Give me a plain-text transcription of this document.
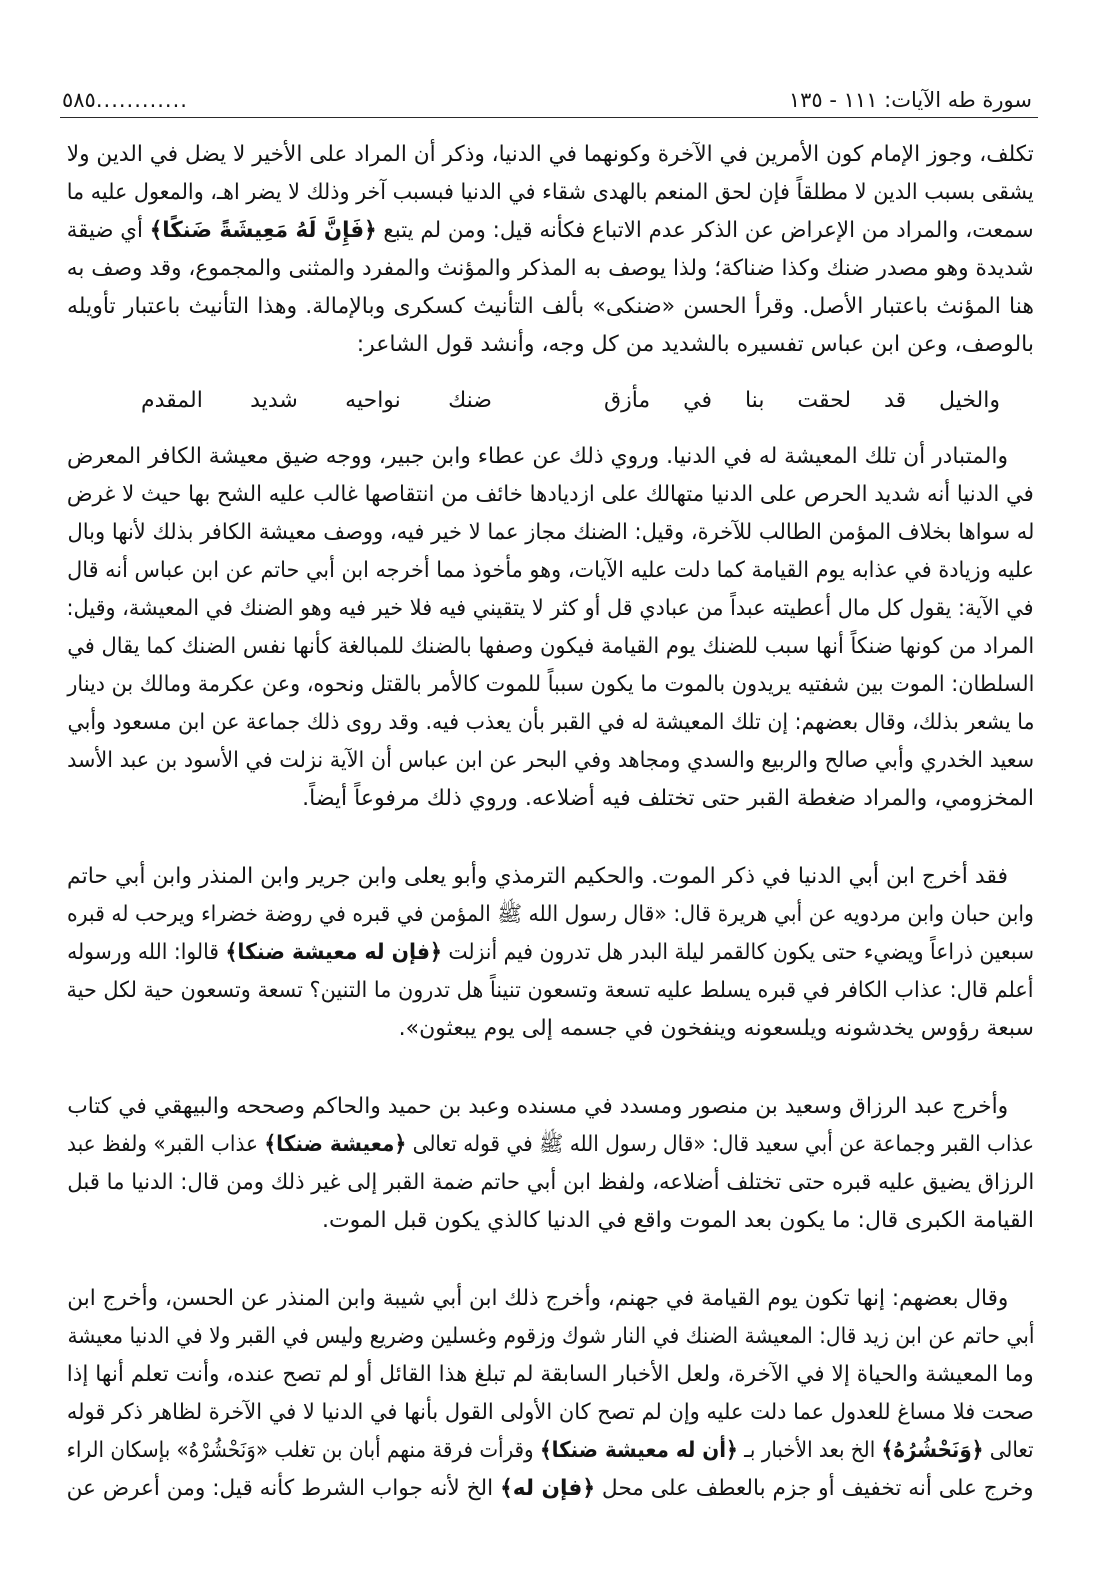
سورة طه الآيات: ١١١ - ١٣٥
............
٥٨٥
تكلف، وجوز الإمام كون الأمرين في الآخرة وكونهما في الدنيا، وذكر أن المراد على الأخير لا يضل في الدين ولا
يشقى بسبب الدين لا مطلقاً فإن لحق المنعم بالهدى شقاء في الدنيا فبسبب آخر وذلك لا يضر اهـ، والمعول عليه ما
سمعت، والمراد من الإعراض عن الذكر عدم الاتباع فكأنه قيل: ومن لم يتبع ﴿فَإِنَّ لَهُ مَعِيشَةً ضَنكًا﴾ أي ضيقة
شديدة وهو مصدر ضنك وكذا ضناكة؛ ولذا يوصف به المذكر والمؤنث والمفرد والمثنى والمجموع، وقد وصف به
هنا المؤنث باعتبار الأصل. وقرأ الحسن «ضنكى» بألف التأنيث كسكرى وبالإمالة. وهذا التأنيث باعتبار تأويله
بالوصف، وعن ابن عباس تفسيره بالشديد من كل وجه، وأنشد قول الشاعر:
والخيل قد لحقت بنا في مأزق
ضنك نواحيه شديد المقدم
والمتبادر أن تلك المعيشة له في الدنيا. وروي ذلك عن عطاء وابن جبير، ووجه ضيق معيشة الكافر المعرض
في الدنيا أنه شديد الحرص على الدنيا متهالك على ازديادها خائف من انتقاصها غالب عليه الشح بها حيث لا غرض
له سواها بخلاف المؤمن الطالب للآخرة، وقيل: الضنك مجاز عما لا خير فيه، ووصف معيشة الكافر بذلك لأنها وبال
عليه وزيادة في عذابه يوم القيامة كما دلت عليه الآيات، وهو مأخوذ مما أخرجه ابن أبي حاتم عن ابن عباس أنه قال
في الآية: يقول كل مال أعطيته عبداً من عبادي قل أو كثر لا يتقيني فيه فلا خير فيه وهو الضنك في المعيشة، وقيل:
المراد من كونها ضنكاً أنها سبب للضنك يوم القيامة فيكون وصفها بالضنك للمبالغة كأنها نفس الضنك كما يقال في
السلطان: الموت بين شفتيه يريدون بالموت ما يكون سبباً للموت كالأمر بالقتل ونحوه، وعن عكرمة ومالك بن دينار
ما يشعر بذلك، وقال بعضهم: إن تلك المعيشة له في القبر بأن يعذب فيه. وقد روى ذلك جماعة عن ابن مسعود وأبي
سعيد الخدري وأبي صالح والربيع والسدي ومجاهد وفي البحر عن ابن عباس أن الآية نزلت في الأسود بن عبد الأسد
المخزومي، والمراد ضغطة القبر حتى تختلف فيه أضلاعه. وروي ذلك مرفوعاً أيضاً.
فقد أخرج ابن أبي الدنيا في ذكر الموت. والحكيم الترمذي وأبو يعلى وابن جرير وابن المنذر وابن أبي حاتم
وابن حبان وابن مردويه عن أبي هريرة قال: «قال رسول الله ﷺ المؤمن في قبره في روضة خضراء ويرحب له قبره
سبعين ذراعاً ويضيء حتى يكون كالقمر ليلة البدر هل تدرون فيم أنزلت ﴿فإن له معيشة ضنكا﴾ قالوا: الله ورسوله
أعلم قال: عذاب الكافر في قبره يسلط عليه تسعة وتسعون تنيناً هل تدرون ما التنين؟ تسعة وتسعون حية لكل حية
سبعة رؤوس يخدشونه ويلسعونه وينفخون في جسمه إلى يوم يبعثون».
وأخرج عبد الرزاق وسعيد بن منصور ومسدد في مسنده وعبد بن حميد والحاكم وصححه والبيهقي في كتاب
عذاب القبر وجماعة عن أبي سعيد قال: «قال رسول الله ﷺ في قوله تعالى ﴿معيشة ضنكا﴾ عذاب القبر» ولفظ عبد
الرزاق يضيق عليه قبره حتى تختلف أضلاعه، ولفظ ابن أبي حاتم ضمة القبر إلى غير ذلك ومن قال: الدنيا ما قبل
القيامة الكبرى قال: ما يكون بعد الموت واقع في الدنيا كالذي يكون قبل الموت.
وقال بعضهم: إنها تكون يوم القيامة في جهنم، وأخرج ذلك ابن أبي شيبة وابن المنذر عن الحسن، وأخرج ابن
أبي حاتم عن ابن زيد قال: المعيشة الضنك في النار شوك وزقوم وغسلين وضريع وليس في القبر ولا في الدنيا معيشة
وما المعيشة والحياة إلا في الآخرة، ولعل الأخبار السابقة لم تبلغ هذا القائل أو لم تصح عنده، وأنت تعلم أنها إذا
صحت فلا مساغ للعدول عما دلت عليه وإن لم تصح كان الأولى القول بأنها في الدنيا لا في الآخرة لظاهر ذكر قوله
تعالى ﴿وَنَحْشُرُهُ﴾ الخ بعد الأخبار بـ ﴿أن له معيشة ضنكا﴾ وقرأت فرقة منهم أبان بن تغلب «وَنَحْشُرْهُ» بإسكان الراء
وخرج على أنه تخفيف أو جزم بالعطف على محل ﴿فإن له﴾ الخ لأنه جواب الشرط كأنه قيل: ومن أعرض عن
